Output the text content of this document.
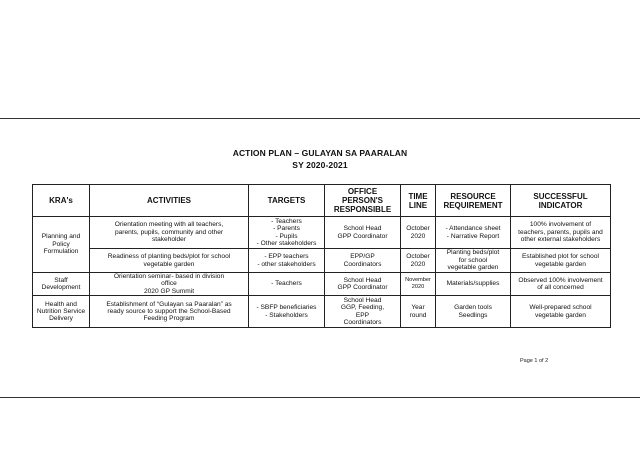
ACTION PLAN – GULAYAN SA PAARALAN
SY 2020-2021
KRA's	ACTIVITIES	TARGETS	OFFICE
PERSON'S
RESPONSIBLE	TIME
LINE	RESOURCE
REQUIREMENT	SUCCESSFUL
INDICATOR

Planning and
Policy
Formulation	Orientation meeting with all teachers,
parents, pupils, community and other
stakeholder	- Teachers
- Parents
- Pupils
- Other stakeholders	School Head
GPP Coordinator	October
2020	- Attendance sheet
- Narrative Report	100% involvement of
teachers, parents, pupils and
other external stakeholders

	Readiness of planting beds/plot for school
vegetable garden	- EPP teachers
- other stakeholders	EPP/GP
Coordinators	October
2020	Planting beds/plot
for school
vegetable garden	Established plot for school
vegetable garden

Staff
Development	Orientation seminar- based in division
office
2020 GP Summit	- Teachers	School Head
GPP Coordinator	November
2020	Materials/supplies	Observed 100% involvement
of all concerned

Health and
Nutrition Service
Delivery	Establishment of “Gulayan sa Paaralan” as
ready source to support the School-Based
Feeding Program	- SBFP beneficiaries
- Stakeholders	School Head
GGP, Feeding,
EPP
Coordinators	Year
round	Garden tools
Seedlings	Well-prepared school
vegetable garden
Page 1 of 2
